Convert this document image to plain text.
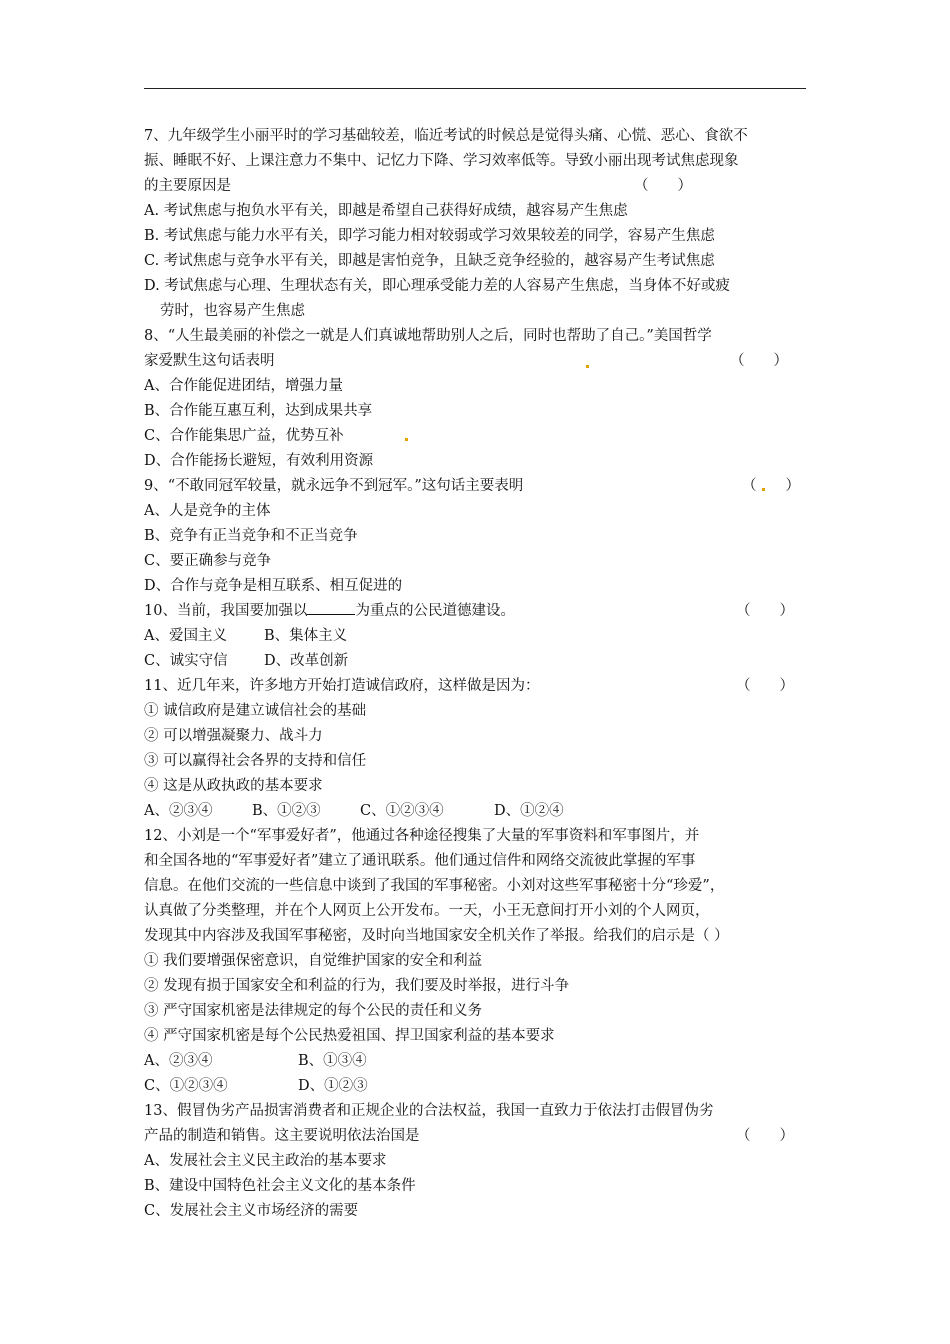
7、九年级学生小丽平时的学习基础较差，临近考试的时候总是觉得头痛、心慌、恶心、食欲不
振、睡眠不好、上课注意力不集中、记忆力下降、学习效率低等。导致小丽出现考试焦虑现象
的主要原因是	（　　）
A. 考试焦虑与抱负水平有关，即越是希望自己获得好成绩，越容易产生焦虑
B. 考试焦虑与能力水平有关，即学习能力相对较弱或学习效果较差的同学，容易产生焦虑
C. 考试焦虑与竞争水平有关，即越是害怕竞争，且缺乏竞争经验的，越容易产生考试焦虑
D. 考试焦虑与心理、生理状态有关，即心理承受能力差的人容易产生焦虑，当身体不好或疲
劳时，也容易产生焦虑
8、“人生最美丽的补偿之一就是人们真诚地帮助别人之后，同时也帮助了自己。”美国哲学
家爱默生这句话表明	（　　）
A、合作能促进团结，增强力量
B、合作能互惠互利，达到成果共享
C、合作能集思广益，优势互补
D、合作能扬长避短，有效利用资源
9、“不敢同冠军较量，就永远争不到冠军。”这句话主要表明	（　　）
A、人是竞争的主体
B、竞争有正当竞争和不正当竞争
C、要正确参与竞争
D、合作与竞争是相互联系、相互促进的
10、当前，我国要加强以	为重点的公民道德建设。	（　　）
A、爱国主义	B、集体主义
C、诚实守信	D、改革创新
11、近几年来，许多地方开始打造诚信政府，这样做是因为：	（　　）
① 诚信政府是建立诚信社会的基础
② 可以增强凝聚力、战斗力
③ 可以赢得社会各界的支持和信任
④ 这是从政执政的基本要求
A、②③④	B、①②③	C、①②③④	D、①②④
12、小刘是一个“军事爱好者”，他通过各种途径搜集了大量的军事资料和军事图片，并
和全国各地的“军事爱好者”建立了通讯联系。他们通过信件和网络交流彼此掌握的军事
信息。在他们交流的一些信息中谈到了我国的军事秘密。小刘对这些军事秘密十分“珍爱”，
认真做了分类整理，并在个人网页上公开发布。一天，小王无意间打开小刘的个人网页，
发现其中内容涉及我国军事秘密，及时向当地国家安全机关作了举报。给我们的启示是（ ）
① 我们要增强保密意识，自觉维护国家的安全和利益
② 发现有损于国家安全和利益的行为，我们要及时举报，进行斗争
③ 严守国家机密是法律规定的每个公民的责任和义务
④ 严守国家机密是每个公民热爱祖国、捍卫国家利益的基本要求
A、②③④	B、①③④
C、①②③④	D、①②③
13、假冒伪劣产品损害消费者和正规企业的合法权益，我国一直致力于依法打击假冒伪劣
产品的制造和销售。这主要说明依法治国是	（　　）
A、发展社会主义民主政治的基本要求
B、建设中国特色社会主义文化的基本条件
C、发展社会主义市场经济的需要
